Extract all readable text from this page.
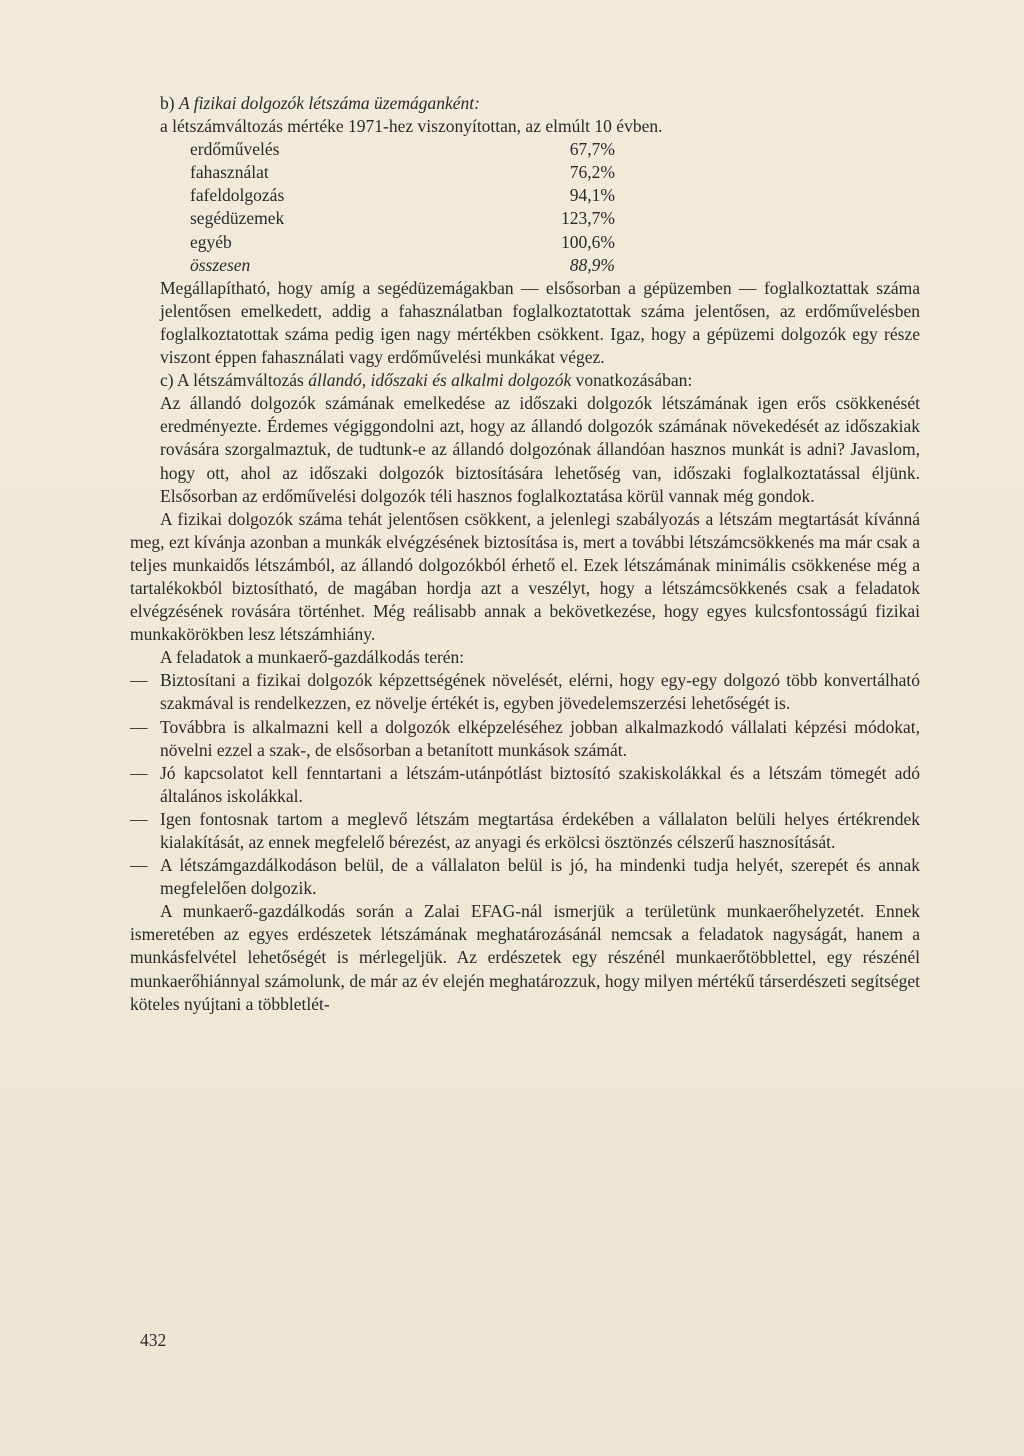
b) A fizikai dolgozók létszáma üzemáganként:

a létszámváltozás mértéke 1971-hez viszonyítottan, az elmúlt 10 évben.

erdőművelés	67,7%
fahasználat	76,2%
fafeldolgozás	94,1%
segédüzemek	123,7%
egyéb	100,6%
összesen	88,9%

Megállapítható, hogy amíg a segédüzemágakban — elsősorban a gépüzemben — foglalkoztattak száma jelentősen emelkedett, addig a fahasználatban foglalkoztatottak száma jelentősen, az erdőművelésben foglalkoztatottak száma pedig igen nagy mértékben csökkent. Igaz, hogy a gépüzemi dolgozók egy része viszont éppen fahasználati vagy erdőművelési munkákat végez.

c) A létszámváltozás állandó, időszaki és alkalmi dolgozók vonatkozásában:

Az állandó dolgozók számának emelkedése az időszaki dolgozók létszámának igen erős csökkenését eredményezte. Érdemes végiggondolni azt, hogy az állandó dolgozók számának növekedését az időszakiak rovására szorgalmaztuk, de tudtunk-e az állandó dolgozónak állandóan hasznos munkát is adni? Javaslom, hogy ott, ahol az időszaki dolgozók biztosítására lehetőség van, időszaki foglalkoztatással éljünk. Elsősorban az erdőművelési dolgozók téli hasznos foglalkoztatása körül vannak még gondok.

A fizikai dolgozók száma tehát jelentősen csökkent, a jelenlegi szabályozás a létszám megtartását kívánná meg, ezt kívánja azonban a munkák elvégzésének biztosítása is, mert a további létszámcsökkenés ma már csak a teljes munkaidős létszámból, az állandó dolgozókból érhető el. Ezek létszámának minimális csökkenése még a tartalékokból biztosítható, de magában hordja azt a veszélyt, hogy a létszámcsökkenés csak a feladatok elvégzésének rovására történhet. Még reálisabb annak a bekövetkezése, hogy egyes kulcsfontosságú fizikai munkakörökben lesz létszámhiány.

A feladatok a munkaerő-gazdálkodás terén:

— Biztosítani a fizikai dolgozók képzettségének növelését, elérni, hogy egy-egy dolgozó több konvertálható szakmával is rendelkezzen, ez növelje értékét is, egyben jövedelemszerzési lehetőségét is.
— Továbbra is alkalmazni kell a dolgozók elképzeléséhez jobban alkalmazkodó vállalati képzési módokat, növelni ezzel a szak-, de elsősorban a betanított munkások számát.
— Jó kapcsolatot kell fenntartani a létszám-utánpótlást biztosító szakiskolákkal és a létszám tömegét adó általános iskolákkal.
— Igen fontosnak tartom a meglevő létszám megtartása érdekében a vállalaton belüli helyes értékrendek kialakítását, az ennek megfelelő bérezést, az anyagi és erkölcsi ösztönzés célszerű hasznosítását.
— A létszámgazdálkodáson belül, de a vállalaton belül is jó, ha mindenki tudja helyét, szerepét és annak megfelelően dolgozik.

A munkaerő-gazdálkodás során a Zalai EFAG-nál ismerjük a területünk munkaerőhelyzetét. Ennek ismeretében az egyes erdészetek létszámának meghatározásánál nemcsak a feladatok nagyságát, hanem a munkásfelvétel lehetőségét is mérlegeljük. Az erdészetek egy részénél munkaerőtöbblettel, egy részénél munkaerőhiánnyal számolunk, de már az év elején meghatározzuk, hogy milyen mértékű társerdészeti segítséget köteles nyújtani a többletlét-

432
